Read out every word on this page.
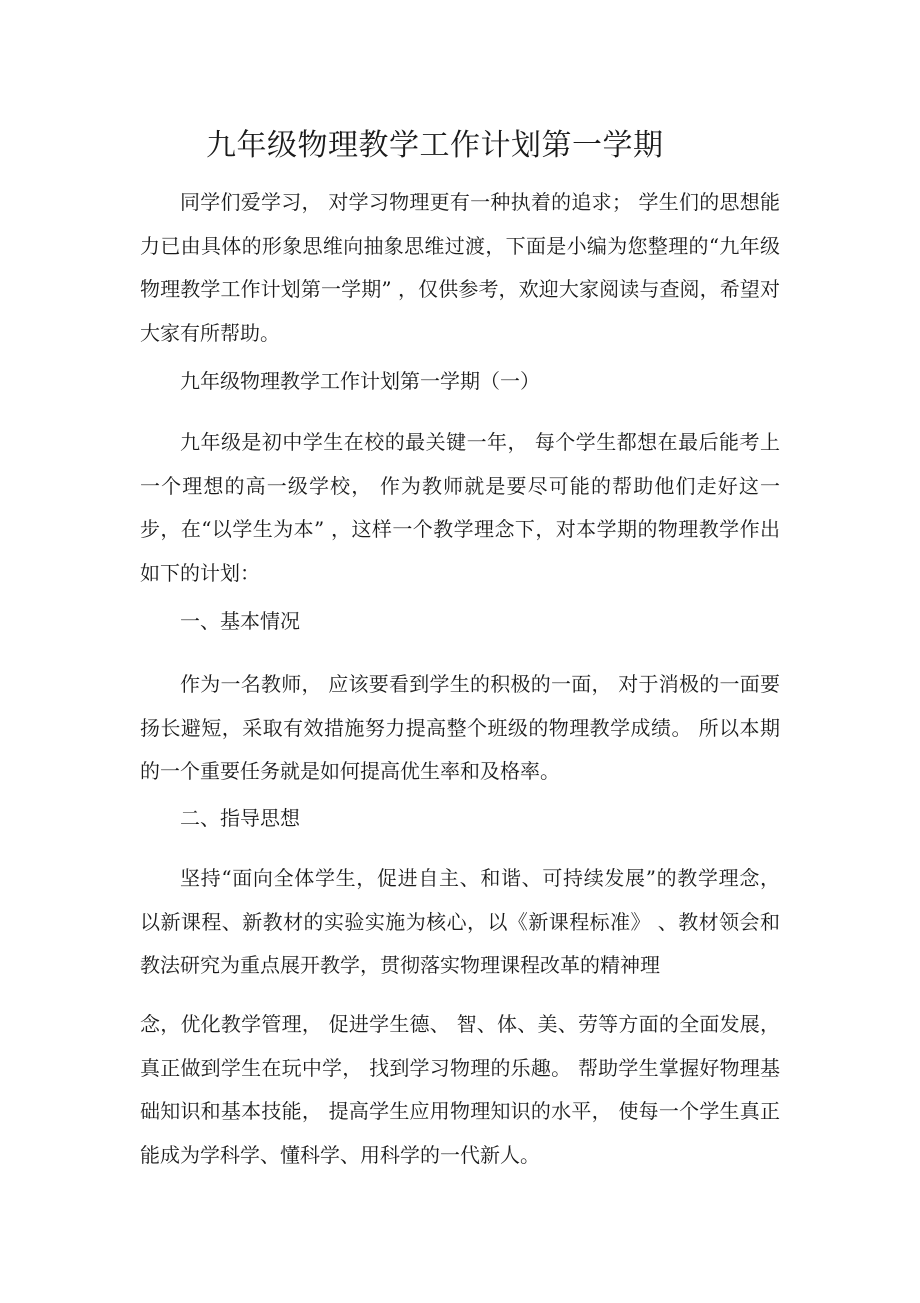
九年级物理教学工作计划第一学期

同学们爱学习， 对学习物理更有一种执着的追求； 学生们的思想能力已由具体的形象思维向抽象思维过渡，下面是小编为您整理的“九年级物理教学工作计划第一学期” ，仅供参考，欢迎大家阅读与查阅，希望对大家有所帮助。

九年级物理教学工作计划第一学期（一）

九年级是初中学生在校的最关键一年， 每个学生都想在最后能考上一个理想的高一级学校， 作为教师就是要尽可能的帮助他们走好这一步，在“以学生为本” ，这样一个教学理念下，对本学期的物理教学作出如下的计划：

一、基本情况

作为一名教师， 应该要看到学生的积极的一面， 对于消极的一面要扬长避短，采取有效措施努力提高整个班级的物理教学成绩。 所以本期的一个重要任务就是如何提高优生率和及格率。

二、指导思想

坚持“面向全体学生，促进自主、和谐、可持续发展”的教学理念，以新课程、新教材的实验实施为核心，以《新课程标准》 、教材领会和教法研究为重点展开教学，贯彻落实物理课程改革的精神理

念，优化教学管理， 促进学生德、 智、体、美、劳等方面的全面发展，真正做到学生在玩中学， 找到学习物理的乐趣。 帮助学生掌握好物理基础知识和基本技能， 提高学生应用物理知识的水平， 使每一个学生真正能成为学科学、懂科学、用科学的一代新人。
